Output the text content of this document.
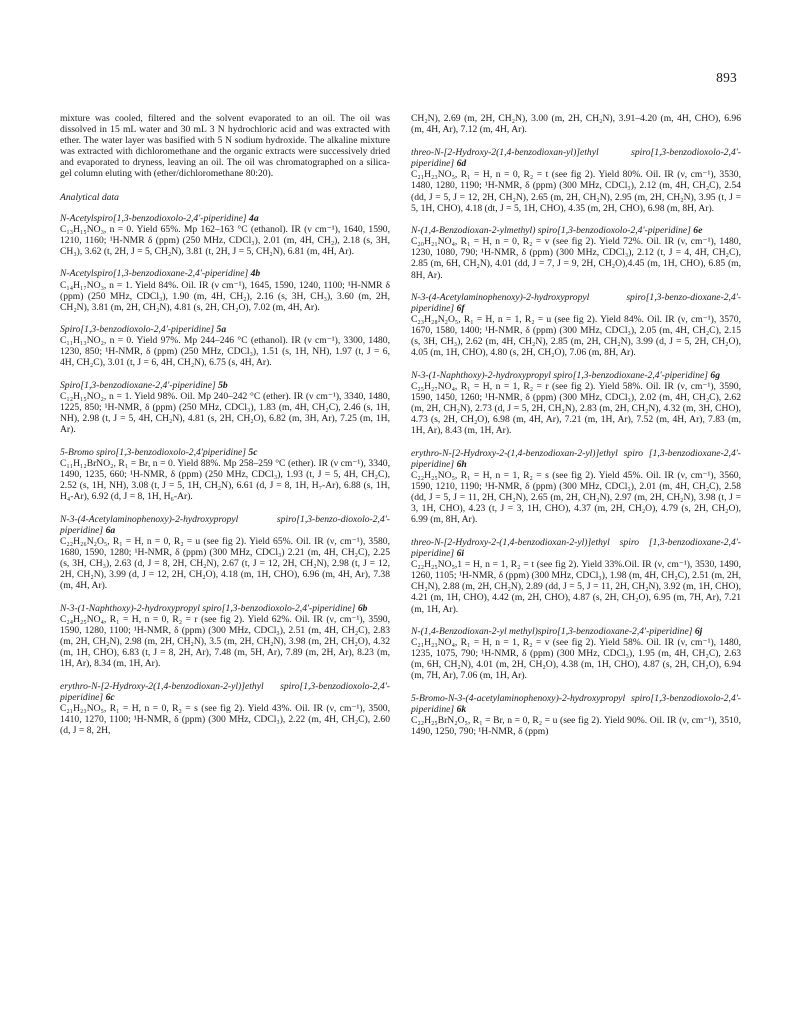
893

mixture was cooled, filtered and the solvent evaporated to an oil. The oil was dissolved in 15 mL water and 30 mL 3 N hydrochloric acid and was extracted with ether. The water layer was basified with 5 N sodium hydroxide. The alkaline mixture was extracted with dichloromethane and the organic extracts were successively dried and evaporated to dryness, leaving an oil. The oil was chromatographed on a silica-gel column eluting with (ether/dichloromethane 80:20).

Analytical data

N-Acetylspiro[1,3-benzodioxolo-2,4'-piperidine] 4a

C₁₃H₁₅NO₃, n = 0. Yield 65%. Mp 162–163 °C (ethanol). IR (ν cm⁻¹), 1640, 1590, 1210, 1160; ¹H-NMR δ (ppm) (250 MHz, CDCl₃), 2.01 (m, 4H, CH₂), 2.18 (s, 3H, CH₃), 3.62 (t, 2H, J = 5, CH₂N), 3.81 (t, 2H, J = 5, CH₂N), 6.81 (m, 4H, Ar).

N-Acetylspiro[1,3-benzodioxane-2,4'-piperidine] 4b

C₁₄H₁₇NO₃, n = 1. Yield 84%. Oil. IR (ν cm⁻¹), 1645, 1590, 1240, 1100; ¹H-NMR δ (ppm) (250 MHz, CDCl₃), 1.90 (m, 4H, CH₂), 2.16 (s, 3H, CH₃), 3.60 (m, 2H, CH₂N), 3.81 (m, 2H, CH₂N), 4.81 (s, 2H, CH₂O), 7.02 (m, 4H, Ar).

Spiro[1,3-benzodioxolo-2,4'-piperidine] 5a

C₁₁H₁₃NO₂, n = 0. Yield 97%. Mp 244–246 °C (ethanol). IR (ν cm⁻¹), 3300, 1480, 1230, 850; ¹H-NMR, δ (ppm) (250 MHz, CDCl₃), 1.51 (s, 1H, NH), 1.97 (t, J = 6, 4H, CH₂C), 3.01 (t, J = 6, 4H, CH₂N), 6.75 (s, 4H, Ar).

Spiro[1,3-benzodioxane-2,4'-piperidine] 5b

C₁₂H₁₅NO₂, n = 1. Yield 98%. Oil. Mp 240–242 °C (ether). IR (ν cm⁻¹), 3340, 1480, 1225, 850; ¹H-NMR, δ (ppm) (250 MHz, CDCl₃), 1.83 (m, 4H, CH₂C), 2.46 (s, 1H, NH), 2.98 (t, J = 5, 4H, CH₂N), 4.81 (s, 2H, CH₂O), 6.82 (m, 3H, Ar), 7.25 (m, 1H, Ar).

5-Bromo spiro[1,3-benzodioxolo-2,4'piperidine] 5c

C₁₁H₁₂BrNO₂, R₁ = Br, n = 0. Yield 88%. Mp 258–259 °C (ether). IR (ν cm⁻¹), 3340, 1490, 1235, 660; ¹H-NMR, δ (ppm) (250 MHz, CDCl₃), 1.93 (t, J = 5, 4H, CH₂C), 2.52 (s, 1H, NH), 3.08 (t, J = 5, 1H, CH₂N), 6.61 (d, J = 8, 1H, H₇-Ar), 6.88 (s, 1H, H₄-Ar), 6.92 (d, J = 8, 1H, H₆-Ar).

N-3-(4-Acetylaminophenoxy)-2-hydroxypropyl spiro[1,3-benzo-dioxolo-2,4'-piperidine] 6a

C₂₂H₂₆N₂O₅, R₁ = H, n = 0, R₂ = u (see fig 2). Yield 65%. Oil. IR (ν, cm⁻¹), 3580, 1680, 1590, 1280; ¹H-NMR, δ (ppm) (300 MHz, CDCl₃) 2.21 (m, 4H, CH₂C), 2.25 (s, 3H, CH₃), 2.63 (d, J = 8, 2H, CH₂N), 2.67 (t, J = 12, 2H, CH₂N), 2.98 (t, J = 12, 2H, CH₂N), 3.99 (d, J = 12, 2H, CH₂O), 4.18 (m, 1H, CHO), 6.96 (m, 4H, Ar), 7.38 (m, 4H, Ar).

N-3-(1-Naphthoxy)-2-hydroxypropyl spiro[1,3-benzodioxolo-2,4'-piperidine] 6b

C₂₄H₂₅NO₄, R₁ = H, n = 0, R₂ = r (see fig 2). Yield 62%. Oil. IR (ν, cm⁻¹), 3590, 1590, 1280, 1100; ¹H-NMR, δ (ppm) (300 MHz, CDCl₃), 2.51 (m, 4H, CH₂C), 2.83 (m, 2H, CH₂N), 2.98 (m, 2H, CH₂N), 3.5 (m, 2H, CH₂N), 3.98 (m, 2H, CH₂O), 4.32 (m, 1H, CHO), 6.83 (t, J = 8, 2H, Ar), 7.48 (m, 5H, Ar), 7.89 (m, 2H, Ar), 8.23 (m, 1H, Ar), 8.34 (m, 1H, Ar).

erythro-N-[2-Hydroxy-2(1,4-benzodioxan-2-yl)]ethyl spiro[1,3-benzodioxolo-2,4'-piperidine] 6c

C₂₁H₂₃NO₅, R₁ = H, n = 0, R₂ = s (see fig 2). Yield 43%. Oil. IR (ν, cm⁻¹), 3500, 1410, 1270, 1100; ¹H-NMR, δ (ppm) (300 MHz, CDCl₃), 2.22 (m, 4H, CH₂C), 2.60 (d, J = 8, 2H,

CH₂N), 2.69 (m, 2H, CH₂N), 3.00 (m, 2H, CH₂N), 3.91–4.20 (m, 4H, CHO), 6.96 (m, 4H, Ar), 7.12 (m, 4H, Ar).

threo-N-[2-Hydroxy-2(1,4-benzodioxan-yl)]ethyl spiro[1,3-benzodioxolo-2,4'-piperidine] 6d

C₂₁H₂₃NO₅, R₁ = H, n = 0, R₂ = t (see fig 2). Yield 80%. Oil. IR (ν, cm⁻¹), 3530, 1480, 1280, 1190; ¹H-NMR, δ (ppm) (300 MHz, CDCl₃), 2.12 (m, 4H, CH₂C), 2.54 (dd, J = 5, J = 12, 2H, CH₂N), 2.65 (m, 2H, CH₂N), 2.95 (m, 2H, CH₂N), 3.95 (t, J = 5, 1H, CHO), 4.18 (dt, J = 5, 1H, CHO), 4.35 (m, 2H, CHO), 6.98 (m, 8H, Ar).

N-(1,4-Benzodioxan-2-ylmethyl) spiro[1,3-benzodioxolo-2,4'-piperidine] 6e

C₂₀H₂₁NO₄, R₁ = H, n = 0, R₂ = v (see fig 2). Yield 72%. Oil. IR (ν, cm⁻¹), 1480, 1230, 1080, 790; ¹H-NMR, δ (ppm) (300 MHz, CDCl₃), 2.12 (t, J = 4, 4H, CH₂C), 2.85 (m, 6H, CH₂N), 4.01 (dd, J = 7, J = 9, 2H, CH₂O),4.45 (m, 1H, CHO), 6.85 (m, 8H, Ar).

N-3-(4-Acetylaminophenoxy)-2-hydroxypropyl spiro[1,3-benzo-dioxane-2,4'-piperidine] 6f

C₂₃H₂₈N₂O₅, R₁ = H, n = 1, R₂ = u (see fig 2). Yield 84%. Oil. IR (ν, cm⁻¹), 3570, 1670, 1580, 1400; ¹H-NMR, δ (ppm) (300 MHz, CDCl₃), 2.05 (m, 4H, CH₂C), 2.15 (s, 3H, CH₃), 2.62 (m, 4H, CH₂N), 2.85 (m, 2H, CH₂N), 3.99 (d, J = 5, 2H, CH₂O), 4.05 (m, 1H, CHO), 4.80 (s, 2H, CH₂O), 7.06 (m, 8H, Ar).

N-3-(1-Naphthoxy)-2-hydroxypropyl spiro[1,3-benzodioxane-2,4'-piperidine] 6g

C₂₅H₂₇NO₄, R₁ = H, n = 1, R₂ = r (see fig 2). Yield 58%. Oil. IR (ν, cm⁻¹), 3590, 1590, 1450, 1260; ¹H-NMR, δ (ppm) (300 MHz, CDCl₃), 2.02 (m, 4H, CH₂C), 2.62 (m, 2H, CH₂N), 2.73 (d, J = 5, 2H, CH₂N), 2.83 (m, 2H, CH₂N), 4.32 (m, 3H, CHO), 4.73 (s, 2H, CH₂O), 6.98 (m, 4H, Ar), 7.21 (m, 1H, Ar), 7.52 (m, 4H, Ar), 7.83 (m, 1H, Ar), 8.43 (m, 1H, Ar).

erythro-N-[2-Hydroxy-2-(1,4-benzodioxan-2-yl)]ethyl spiro [1,3-benzodioxane-2,4'-piperidine] 6h

C₂₂H₂₅NO₅, R₁ = H, n = 1, R₂ = s (see fig 2). Yield 45%. Oil. IR (ν, cm⁻¹), 3560, 1590, 1210, 1190; ¹H-NMR, δ (ppm) (300 MHz, CDCl₃), 2.01 (m, 4H, CH₂C), 2.58 (dd, J = 5, J = 11, 2H, CH₂N), 2.65 (m, 2H, CH₂N), 2.97 (m, 2H, CH₂N), 3.98 (t, J = 3, 1H, CHO), 4.23 (t, J = 3, 1H, CHO), 4.37 (m, 2H, CH₂O), 4.79 (s, 2H, CH₂O), 6.99 (m, 8H, Ar).

threo-N-[2-Hydroxy-2-(1,4-benzodioxan-2-yl)]ethyl spiro [1,3-benzodioxane-2,4'-piperidine] 6i

C₂₂H₂₅NO₅,1 = H, n = 1, R₂ = t (see fig 2). Yield 33%.Oil. IR (ν, cm⁻¹), 3530, 1490, 1260, 1105; ¹H-NMR, δ (ppm) (300 MHz, CDCl₃), 1.98 (m, 4H, CH₂C), 2.51 (m, 2H, CH₂N), 2.88 (m, 2H, CH₂N), 2.89 (dd, J = 5, J = 11, 2H, CH₂N), 3.92 (m, 1H, CHO), 4.21 (m, 1H, CHO), 4.42 (m, 2H, CHO), 4.87 (s, 2H, CH₂O), 6.95 (m, 7H, Ar), 7.21 (m, 1H, Ar).

N-(1,4-Benzodioxan-2-yl methyl)spiro[1,3-benzodioxane-2,4'-piperidine] 6j

C₂₁H₂₃NO₄, R₁ = H, n = 1, R₂ = v (see fig 2). Yield 58%. Oil. IR (ν, cm⁻¹), 1480, 1235, 1075, 790; ¹H-NMR, δ (ppm) (300 MHz, CDCl₃), 1.95 (m, 4H, CH₂C), 2.63 (m, 6H, CH₂N), 4.01 (m, 2H, CH₂O), 4.38 (m, 1H, CHO), 4.87 (s, 2H, CH₂O), 6.94 (m, 7H, Ar), 7.06 (m, 1H, Ar).

5-Bromo-N-3-(4-acetylaminophenoxy)-2-hydroxypropyl spiro[1,3-benzodioxolo-2,4'-piperidine] 6k

C₂₂H₂₅BrN₂O₅, R₁ = Br, n = 0, R₂ = u (see fig 2). Yield 90%. Oil. IR (ν, cm⁻¹), 3510, 1490, 1250, 790; ¹H-NMR, δ (ppm)
